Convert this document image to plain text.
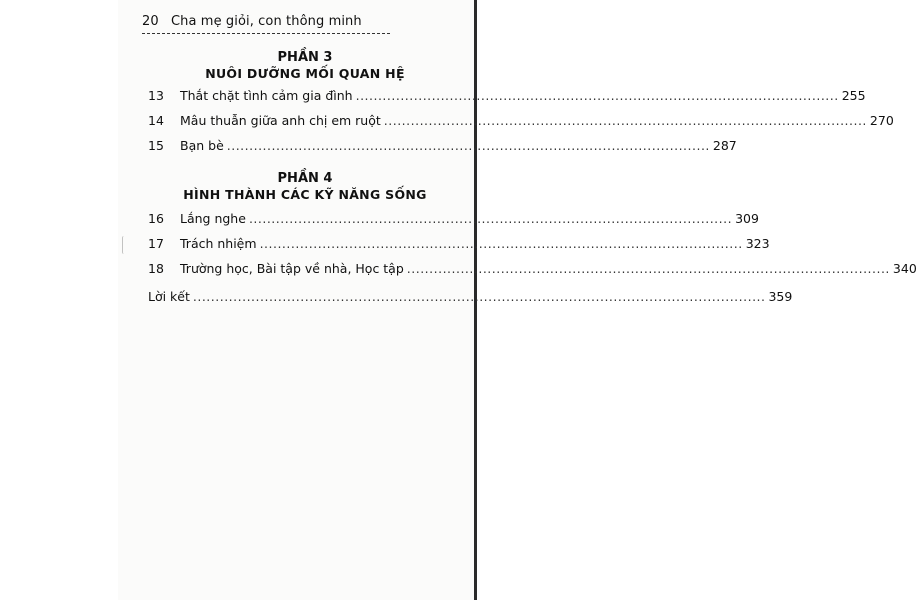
20 Cha mẹ giỏi, con thông minh
PHẦN 3
NUÔI DƯỠNG MỐI QUAN HỆ
13	Thắt chặt tình cảm gia đình ............................................................................................................ 255
14	Mâu thuẫn giữa anh chị em ruột ............................................................................................................ 270
15	Bạn bè ............................................................................................................ 287
PHẦN 4
HÌNH THÀNH CÁC KỸ NĂNG SỐNG
16	Lắng nghe ............................................................................................................ 309
17	Trách nhiệm ............................................................................................................ 323
18	Trường học, Bài tập về nhà, Học tập ............................................................................................................ 340
Lời kết ................................................................................................................................ 359
